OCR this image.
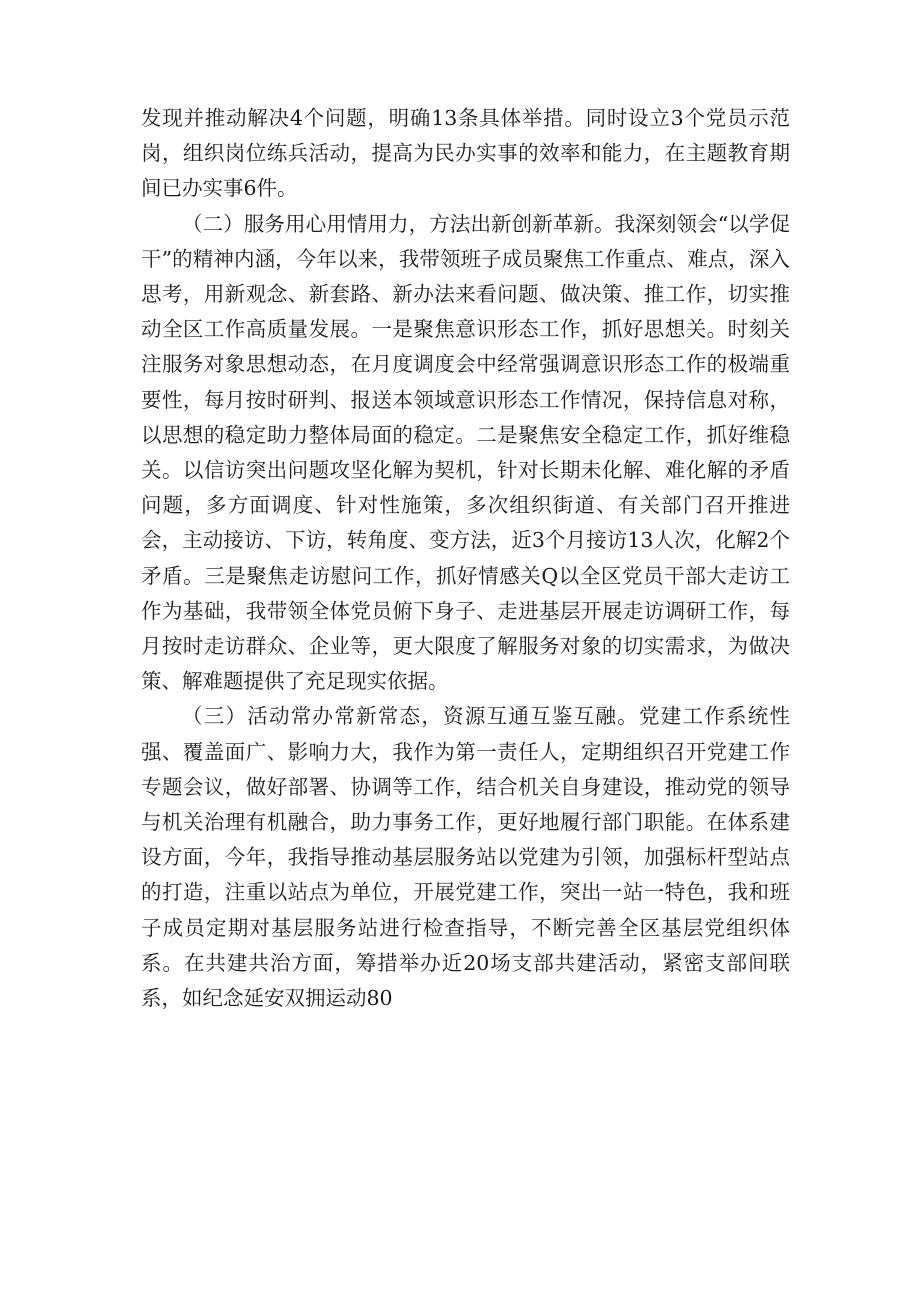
发现并推动解决4个问题，明确13条具体举措。同时设立3个党员示范岗，组织岗位练兵活动，提高为民办实事的效率和能力，在主题教育期间已办实事6件。

（二）服务用心用情用力，方法出新创新革新。我深刻领会“以学促干”的精神内涵，今年以来，我带领班子成员聚焦工作重点、难点，深入思考，用新观念、新套路、新办法来看问题、做决策、推工作，切实推动全区工作高质量发展。一是聚焦意识形态工作，抓好思想关。时刻关注服务对象思想动态，在月度调度会中经常强调意识形态工作的极端重要性，每月按时研判、报送本领域意识形态工作情况，保持信息对称，以思想的稳定助力整体局面的稳定。二是聚焦安全稳定工作，抓好维稳关。以信访突出问题攻坚化解为契机，针对长期未化解、难化解的矛盾问题，多方面调度、针对性施策，多次组织街道、有关部门召开推进会，主动接访、下访，转角度、变方法，近3个月接访13人次，化解2个矛盾。三是聚焦走访慰问工作，抓好情感关Q以全区党员干部大走访工作为基础，我带领全体党员俯下身子、走进基层开展走访调研工作，每月按时走访群众、企业等，更大限度了解服务对象的切实需求，为做决策、解难题提供了充足现实依据。

（三）活动常办常新常态，资源互通互鉴互融。党建工作系统性强、覆盖面广、影响力大，我作为第一责任人，定期组织召开党建工作专题会议，做好部署、协调等工作，结合机关自身建设，推动党的领导与机关治理有机融合，助力事务工作，更好地履行部门职能。在体系建设方面，今年，我指导推动基层服务站以党建为引领，加强标杆型站点的打造，注重以站点为单位，开展党建工作，突出一站一特色，我和班子成员定期对基层服务站进行检查指导，不断完善全区基层党组织体系。在共建共治方面，筹措举办近20场支部共建活动，紧密支部间联系，如纪念延安双拥运动80
